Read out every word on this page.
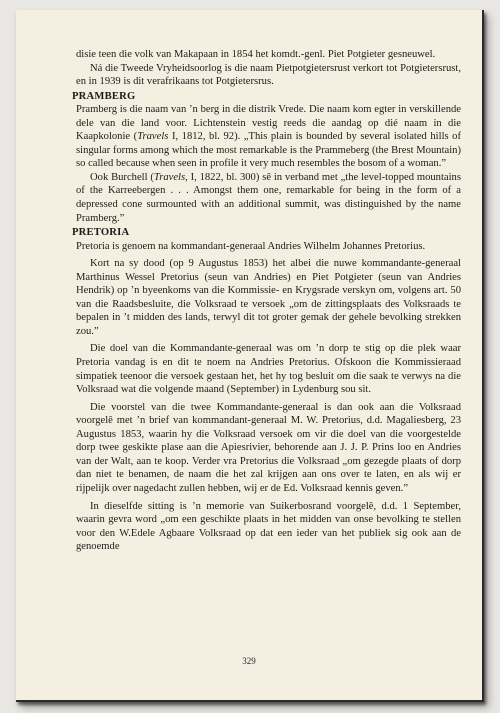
disie teen die volk van Makapaan in 1854 het komdt.-genl. Piet Potgieter gesneuwel.

Ná die Tweede Vryheidsoorlog is die naam Pietpotgietersrust verkort tot Potgietersrust, en in 1939 is dit verafrikaans tot Potgietersrus.

PRAMBERG

Pramberg is die naam van ’n berg in die distrik Vrede. Die naam kom egter in verskillende dele van die land voor. Lichtenstein vestig reeds die aandag op dié naam in die Kaapkolonie (Travels I, 1812, bl. 92). „This plain is bounded by several isolated hills of singular forms among which the most remarkable is the Prammeberg (the Brest Mountain) so called because when seen in profile it very much resembles the bosom of a woman.”

Ook Burchell (Travels, I, 1822, bl. 300) sê in verband met „the level-topped mountains of the Karreebergen . . . Amongst them one, remarkable for being in the form of a depressed cone surmounted with an additional summit, was distinguished by the name Pramberg.”

PRETORIA

Pretoria is genoem na kommandant-generaal Andries Wilhelm Johannes Pretorius.

Kort na sy dood (op 9 Augustus 1853) het albei die nuwe kommandante-generaal Marthinus Wessel Pretorius (seun van Andries) en Piet Potgieter (seun van Andries Hendrik) op ’n byeenkoms van die Kommissie- en Krygsrade verskyn om, volgens art. 50 van die Raadsbesluite, die Volksraad te versoek „om de zittingsplaats des Volksraads te bepalen in ’t midden des lands, terwyl dit tot groter gemak der gehele bevolking strekken zou.”

Die doel van die Kommandante-generaal was om ’n dorp te stig op die plek waar Pretoria vandag is en dit te noem na Andries Pretorius. Ofskoon die Kommissieraad simpatiek teenoor die versoek gestaan het, het hy tog besluit om die saak te verwys na die Volksraad wat die volgende maand (September) in Lydenburg sou sit.

Die voorstel van die twee Kommandante-generaal is dan ook aan die Volksraad voorgelê met ’n brief van kommandant-generaal M. W. Pretorius, d.d. Magaliesberg, 23 Augustus 1853, waarin hy die Volksraad versoek om vir die doel van die voorgestelde dorp twee geskikte plase aan die Apiesrivier, behorende aan J. J. P. Prins loo en Andries van der Walt, aan te koop. Verder vra Pretorius die Volksraad „om gezegde plaats of dorp dan niet te benamen, de naam die het zal krijgen aan ons over te laten, en als wij er rijpelijk over nagedacht zullen hebben, wij er de Ed. Volksraad kennis geven.”

In dieselfde sitting is ’n memorie van Suikerbosrand voorgelê, d.d. 1 September, waarin gevra word „om een geschikte plaats in het midden van onse bevolking te stellen voor den W.Edele Agbaare Volksraad op dat een ieder van het publiek sig ook aan de genoemde

329
